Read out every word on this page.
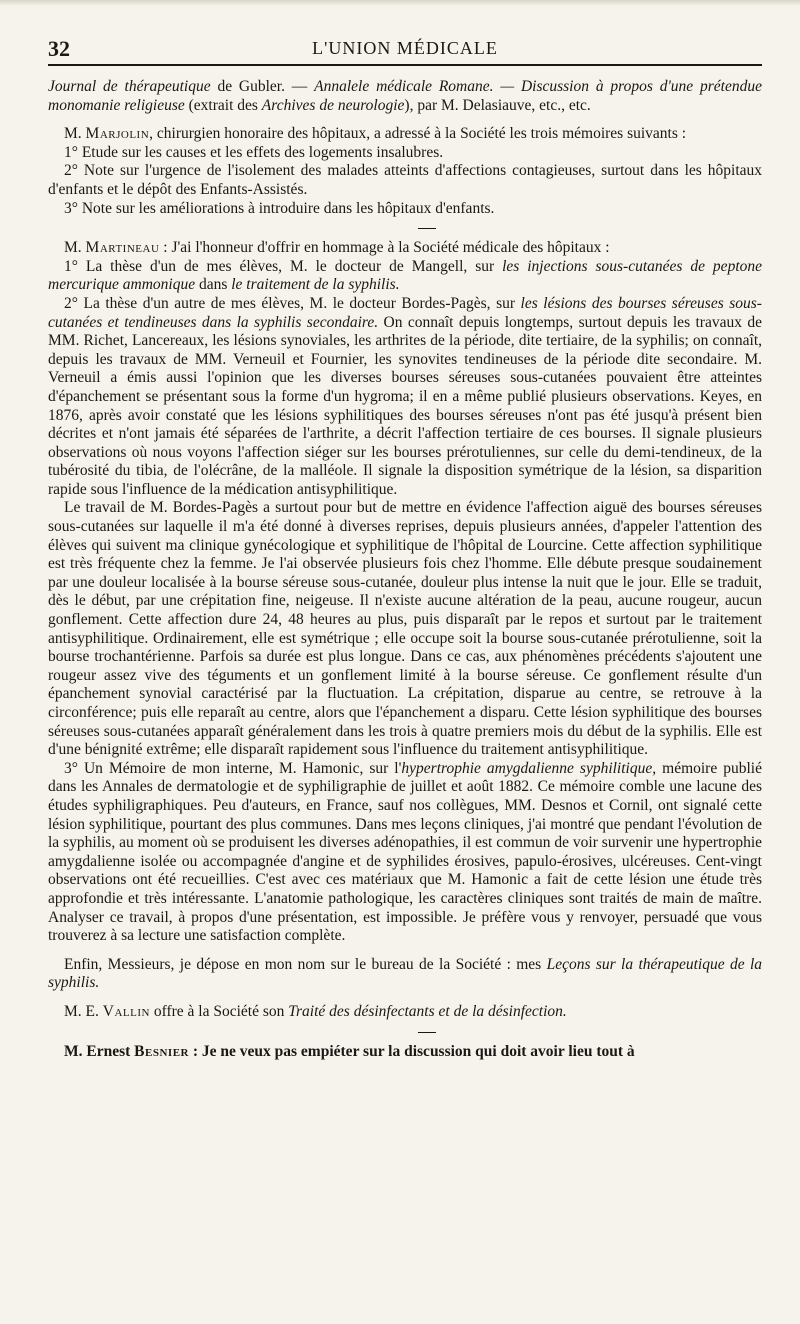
32	L'UNION MÉDICALE

Journal de thérapeutique de Gubler. — Annalele médicale Romane. — Discussion à propos d'une prétendue monomanie religieuse (extrait des Archives de neurologie), par M. Delasiauve, etc., etc.

M. Marjolin, chirurgien honoraire des hôpitaux, a adressé à la Société les trois mémoires suivants :

1° Etude sur les causes et les effets des logements insalubres.

2° Note sur l'urgence de l'isolement des malades atteints d'affections contagieuses, surtout dans les hôpitaux d'enfants et le dépôt des Enfants-Assistés.

3° Note sur les améliorations à introduire dans les hôpitaux d'enfants.

M. Martineau : J'ai l'honneur d'offrir en hommage à la Société médicale des hôpitaux :

1° La thèse d'un de mes élèves, M. le docteur de Mangell, sur les injections sous-cutanées de peptone mercurique ammonique dans le traitement de la syphilis.

2° La thèse d'un autre de mes élèves, M. le docteur Bordes-Pagès, sur les lésions des bourses séreuses sous-cutanées et tendineuses dans la syphilis secondaire. On connaît depuis longtemps, surtout depuis les travaux de MM. Richet, Lancereaux, les lésions synoviales, les arthrites de la période, dite tertiaire, de la syphilis; on connaît, depuis les travaux de MM. Verneuil et Fournier, les synovites tendineuses de la période dite secondaire. M. Verneuil a émis aussi l'opinion que les diverses bourses séreuses sous-cutanées pouvaient être atteintes d'épanchement se présentant sous la forme d'un hygroma; il en a même publié plusieurs observations. Keyes, en 1876, après avoir constaté que les lésions syphilitiques des bourses séreuses n'ont pas été jusqu'à présent bien décrites et n'ont jamais été séparées de l'arthrite, a décrit l'affection tertiaire de ces bourses. Il signale plusieurs observations où nous voyons l'affection siéger sur les bourses prérotuliennes, sur celle du demi-tendineux, de la tubérosité du tibia, de l'olécrâne, de la malléole. Il signale la disposition symétrique de la lésion, sa disparition rapide sous l'influence de la médication antisyphilitique.

Le travail de M. Bordes-Pagès a surtout pour but de mettre en évidence l'affection aiguë des bourses séreuses sous-cutanées sur laquelle il m'a été donné à diverses reprises, depuis plusieurs années, d'appeler l'attention des élèves qui suivent ma clinique gynécologique et syphilitique de l'hôpital de Lourcine. Cette affection syphilitique est très fréquente chez la femme. Je l'ai observée plusieurs fois chez l'homme. Elle débute presque soudainement par une douleur localisée à la bourse séreuse sous-cutanée, douleur plus intense la nuit que le jour. Elle se traduit, dès le début, par une crépitation fine, neigeuse. Il n'existe aucune altération de la peau, aucune rougeur, aucun gonflement. Cette affection dure 24, 48 heures au plus, puis disparaît par le repos et surtout par le traitement antisyphilitique. Ordinairement, elle est symétrique ; elle occupe soit la bourse sous-cutanée prérotulienne, soit la bourse trochantérienne. Parfois sa durée est plus longue. Dans ce cas, aux phénomènes précédents s'ajoutent une rougeur assez vive des téguments et un gonflement limité à la bourse séreuse. Ce gonflement résulte d'un épanchement synovial caractérisé par la fluctuation. La crépitation, disparue au centre, se retrouve à la circonférence; puis elle reparaît au centre, alors que l'épanchement a disparu. Cette lésion syphilitique des bourses séreuses sous-cutanées apparaît généralement dans les trois à quatre premiers mois du début de la syphilis. Elle est d'une bénignité extrême; elle disparaît rapidement sous l'influence du traitement antisyphilitique.

3° Un Mémoire de mon interne, M. Hamonic, sur l'hypertrophie amygdalienne syphilitique, mémoire publié dans les Annales de dermatologie et de syphiligraphie de juillet et août 1882. Ce mémoire comble une lacune des études syphiligraphiques. Peu d'auteurs, en France, sauf nos collègues, MM. Desnos et Cornil, ont signalé cette lésion syphilitique, pourtant des plus communes. Dans mes leçons cliniques, j'ai montré que pendant l'évolution de la syphilis, au moment où se produisent les diverses adénopathies, il est commun de voir survenir une hypertrophie amygdalienne isolée ou accompagnée d'angine et de syphilides érosives, papulo-érosives, ulcéreuses. Cent-vingt observations ont été recueillies. C'est avec ces matériaux que M. Hamonic a fait de cette lésion une étude très approfondie et très intéressante. L'anatomie pathologique, les caractères cliniques sont traités de main de maître. Analyser ce travail, à propos d'une présentation, est impossible. Je préfère vous y renvoyer, persuadé que vous trouverez à sa lecture une satisfaction complète.

Enfin, Messieurs, je dépose en mon nom sur le bureau de la Société : mes Leçons sur la thérapeutique de la syphilis.

M. E. Vallin offre à la Société son Traité des désinfectants et de la désinfection.

M. Ernest Besnier : Je ne veux pas empiéter sur la discussion qui doit avoir lieu tout à
